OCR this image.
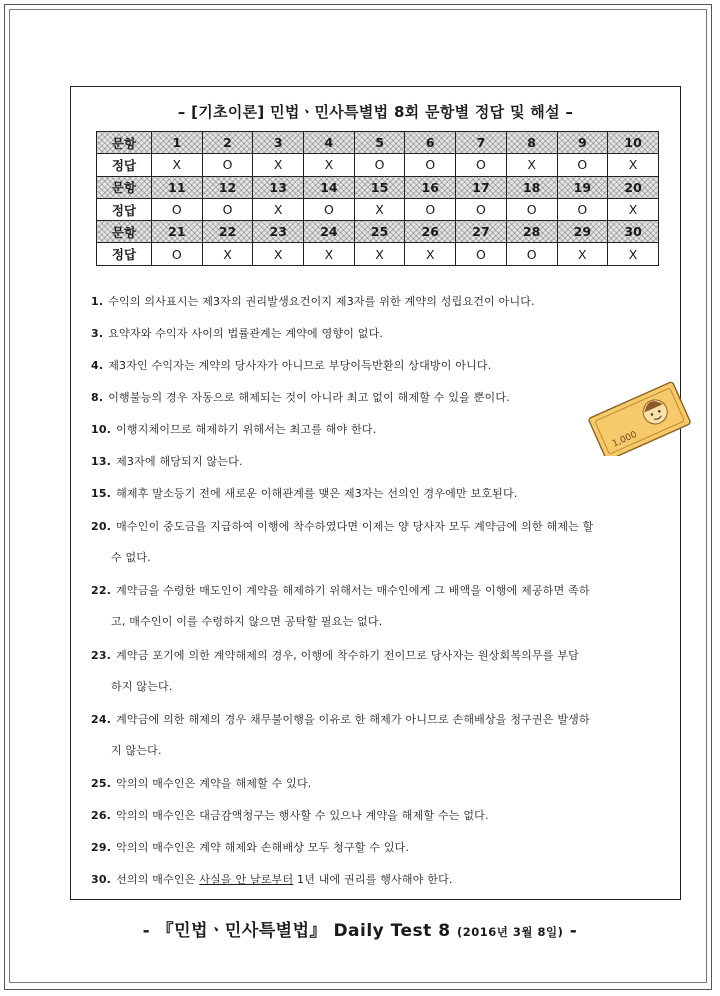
– [기초이론] 민법ㆍ민사특별법 8회 문항별 정답 및 해설 –
문항	1	2	3	4	5	6	7	8	9	10
정답	X	O	X	X	O	O	O	X	O	X
문항	11	12	13	14	15	16	17	18	19	20
정답	O	O	X	O	X	O	O	O	O	X
문항	21	22	23	24	25	26	27	28	29	30
정답	O	X	X	X	X	X	O	O	X	X
1. 수익의 의사표시는 제3자의 권리발생요건이지 제3자를 위한 계약의 성립요건이 아니다.
3. 요약자와 수익자 사이의 법률관계는 계약에 영향이 없다.
4. 제3자인 수익자는 계약의 당사자가 아니므로 부당이득반환의 상대방이 아니다.
8. 이행불능의 경우 자동으로 해제되는 것이 아니라 최고 없이 해제할 수 있을 뿐이다.
10. 이행지체이므로 해제하기 위해서는 최고를 해야 한다.
13. 제3자에 해당되지 않는다.
15. 해제후 말소등기 전에 새로운 이해관계를 맺은 제3자는 선의인 경우에만 보호된다.
20. 매수인이 중도금을 지급하여 이행에 착수하였다면 이제는 양 당사자 모두 계약금에 의한 해제는 할
수 없다.
22. 계약금을 수령한 매도인이 계약을 해제하기 위해서는 매수인에게 그 배액을 이행에 제공하면 족하
고, 매수인이 이를 수령하지 않으면 공탁할 필요는 없다.
23. 계약금 포기에 의한 계약해제의 경우, 이행에 착수하기 전이므로 당사자는 원상회복의무를 부담
하지 않는다.
24. 계약금에 의한 해제의 경우 채무불이행을 이유로 한 해제가 아니므로 손해배상을 청구권은 발생하
지 않는다.
25. 악의의 매수인은 계약을 해제할 수 있다.
26. 악의의 매수인은 대금감액청구는 행사할 수 있으나 계약을 해제할 수는 없다.
29. 악의의 매수인은 계약 해제와 손해배상 모두 청구할 수 있다.
30. 선의의 매수인은 사실을 안 날로부터 1년 내에 권리를 행사해야 한다.
1,000
- 『민법ㆍ민사특별법』 Daily Test 8 (2016년 3월 8일) -
